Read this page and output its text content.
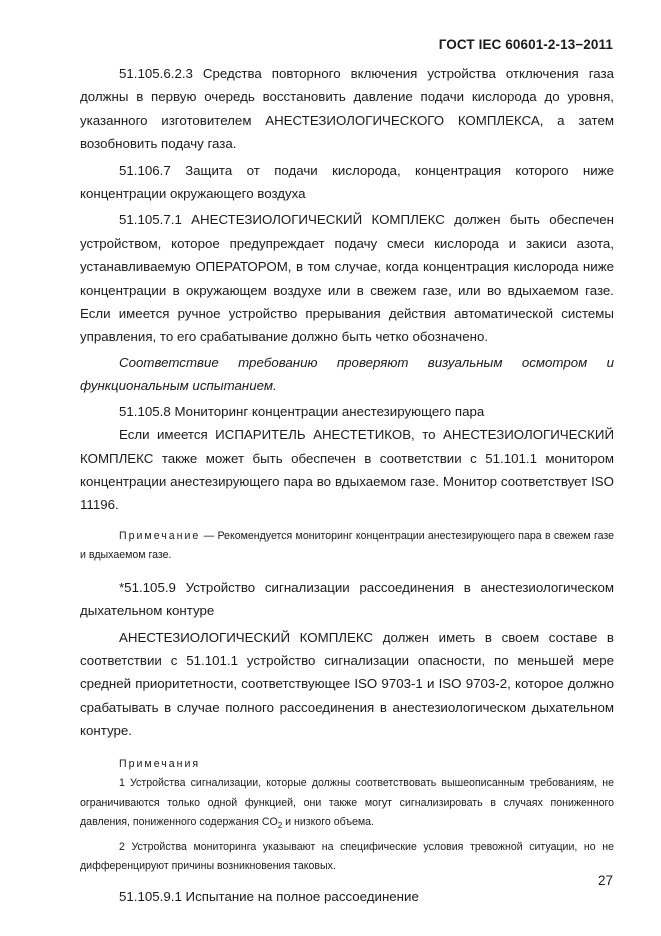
ГОСТ IEC 60601-2-13−2011

51.105.6.2.3 Средства повторного включения устройства отключения газа должны в первую очередь восстановить давление подачи кислорода до уровня, указанного изготовителем АНЕСТЕЗИОЛОГИЧЕСКОГО КОМПЛЕКСА, а затем возобновить подачу газа.

51.106.7 Защита от подачи кислорода, концентрация которого ниже концентрации окружающего воздуха

51.105.7.1 АНЕСТЕЗИОЛОГИЧЕСКИЙ КОМПЛЕКС должен быть обеспечен устройством, которое предупреждает подачу смеси кислорода и закиси азота, устанавливаемую ОПЕРАТОРОМ, в том случае, когда концентрация кислорода ниже концентрации в окружающем воздухе или в свежем газе, или во вдыхаемом газе. Если имеется ручное устройство прерывания действия автоматической системы управления, то его срабатывание должно быть четко обозначено.

Соответствие требованию проверяют визуальным осмотром и функциональным испытанием.

51.105.8 Мониторинг концентрации анестезирующего пара

Если имеется ИСПАРИТЕЛЬ АНЕСТЕТИКОВ, то АНЕСТЕЗИОЛОГИЧЕСКИЙ КОМПЛЕКС также может быть обеспечен в соответствии с 51.101.1 монитором концентрации анестезирующего пара во вдыхаемом газе. Монитор соответствует ISO 11196.

Примечание — Рекомендуется мониторинг концентрации анестезирующего пара в свежем газе и вдыхаемом газе.

*51.105.9 Устройство сигнализации рассоединения в анестезиологическом дыхательном контуре

АНЕСТЕЗИОЛОГИЧЕСКИЙ КОМПЛЕКС должен иметь в своем составе в соответствии с 51.101.1 устройство сигнализации опасности, по меньшей мере средней приоритетности, соответствующее ISO 9703-1 и ISO 9703-2, которое должно срабатывать в случае полного рассоединения в анестезиологическом дыхательном контуре.

Примечания

1 Устройства сигнализации, которые должны соответствовать вышеописанным требованиям, не ограничиваются только одной функцией, они также могут сигнализировать в случаях пониженного давления, пониженного содержания $CO_2$ и низкого объема.

2 Устройства мониторинга указывают на специфические условия тревожной ситуации, но не дифференцируют причины возникновения таковых.

51.105.9.1 Испытание на полное рассоединение

27
